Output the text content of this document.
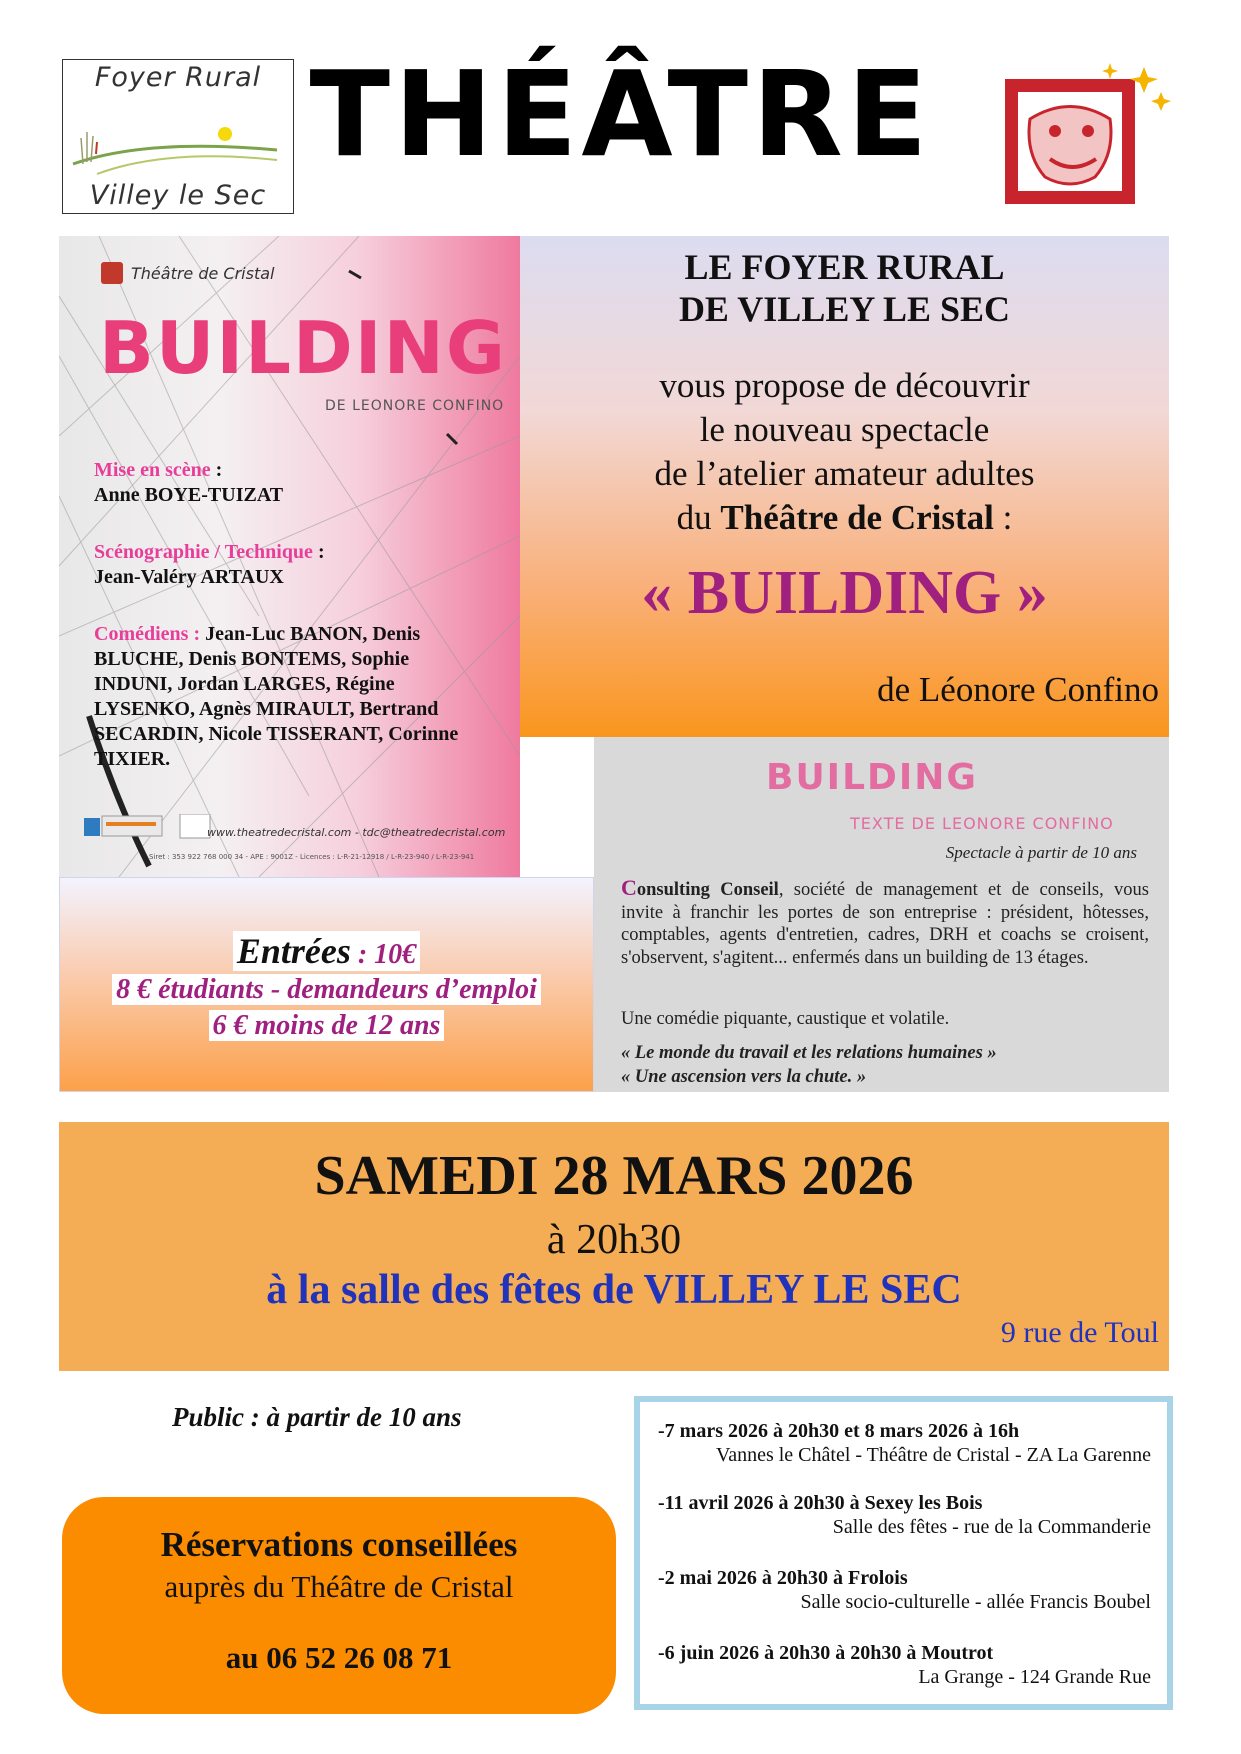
Foyer Rural
Villey le Sec
THÉÂTRE
Théâtre de Cristal
BUILDING
DE LEONORE CONFINO
Mise en scène :
Anne BOYE-TUIZAT
Scénographie / Technique :
Jean-Valéry ARTAUX
Comédiens : Jean-Luc BANON, Denis BLUCHE, Denis BONTEMS, Sophie INDUNI, Jordan LARGES, Régine LYSENKO, Agnès MIRAULT, Bertrand SECARDIN, Nicole TISSERANT, Corinne TIXIER.
www.theatredecristal.com - tdc@theatredecristal.com
Siret : 353 922 768 000 34 - APE : 9001Z - Licences : L-R-21-12918 / L-R-23-940 / L-R-23-941
LE FOYER RURAL
DE VILLEY LE SEC
vous propose de découvrir
le nouveau spectacle
de l’atelier amateur adultes
du Théâtre de Cristal :
« BUILDING »
de Léonore Confino
Entrées : 10€
8 € étudiants - demandeurs d’emploi
6 € moins de 12 ans
BUILDING
TEXTE DE LEONORE CONFINO
Spectacle à partir de 10 ans
Consulting Conseil, société de management et de conseils, vous invite à franchir les portes de son entreprise : président, hôtesses, comptables, agents d'entretien, cadres, DRH et coachs se croisent, s'observent, s'agitent... enfermés dans un building de 13 étages.
Une comédie piquante, caustique et volatile.
« Le monde du travail et les relations humaines »
« Une ascension vers la chute. »
SAMEDI 28 MARS 2026
à 20h30
à la salle des fêtes de VILLEY LE SEC
9 rue de Toul
Public : à partir de 10 ans
Réservations conseillées
auprès du Théâtre de Cristal
au 06 52 26 08 71
-7 mars 2026 à 20h30 et 8 mars 2026 à 16h
Vannes le Châtel - Théâtre de Cristal - ZA La Garenne
-11 avril 2026 à 20h30 à Sexey les Bois
Salle des fêtes - rue de la Commanderie
-2 mai 2026 à 20h30 à Frolois
Salle socio-culturelle - allée Francis Boubel
-6 juin 2026 à 20h30 à 20h30 à Moutrot
La Grange - 124 Grande Rue
